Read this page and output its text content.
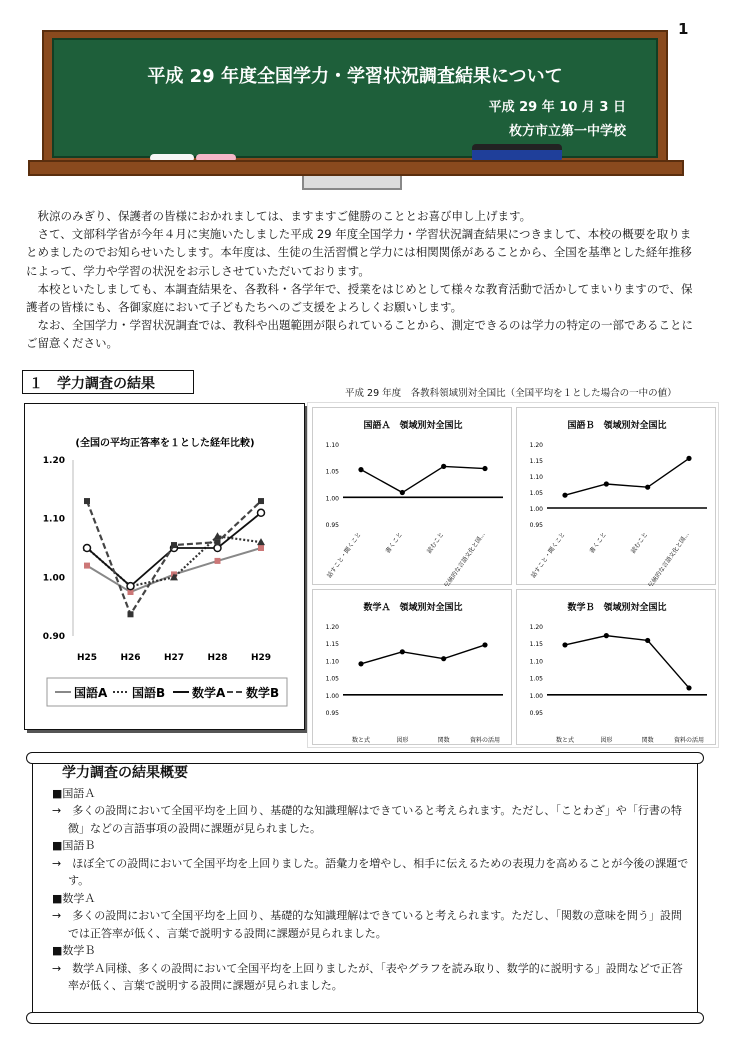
1
平成 29 年度全国学力・学習状況調査結果について
平成 29 年 10 月 3 日
枚方市立第一中学校

　秋涼のみぎり、保護者の皆様におかれましては、ますますご健勝のこととお喜び申し上げます。

　さて、文部科学省が今年４月に実施いたしました平成 29 年度全国学力・学習状況調査結果につきまして、本校の概要を取りまとめましたのでお知らせいたします。本年度は、生徒の生活習慣と学力には相関関係があることから、全国を基準とした経年推移によって、学力や学習の状況をお示しさせていただいております。

　本校といたしましても、本調査結果を、各教科・各学年で、授業をはじめとして様々な教育活動で活かしてまいりますので、保護者の皆様にも、各御家庭において子どもたちへのご支援をよろしくお願いします。

　なお、全国学力・学習状況調査では、教科や出題範囲が限られていることから、測定できるのは学力の特定の一部であることにご留意ください。

１　学力調査の結果
平成 29 年度　各教科領域別対全国比（全国平均を１とした場合の一中の値）
(全国の平均正答率を１とした経年比較)
1.20
1.10
1.00
0.90
H25	H26	H27	H28	H29
国語A 国語B 数学A 数学B
国語Ａ　領域別対全国比
1.10
1.05
1.00
0.95
話すこと・聞くこと	書くこと	読むこと
伝統的な言語文化と国...
国語Ｂ　領域別対全国比
1.20
1.15
1.10
1.05
1.00
0.95
話すこと・聞くこと	書くこと	読むこと
伝統的な言語文化と国...
数学Ａ　領域別対全国比
1.20
1.15
1.10
1.05
1.00
0.95
数と式	図形	関数	資料の活用
数学Ｂ　領域別対全国比
1.20
1.15
1.10
1.05
1.00
0.95
数と式	図形	関数	資料の活用
学力調査の結果概要
■国語Ａ
→　多くの設問において全国平均を上回り、基礎的な知識理解はできていると考えられます。ただし、「ことわざ」や「行書の特徴」などの言語事項の設問に課題が見られました。
■国語Ｂ
→　ほぼ全ての設問において全国平均を上回りました。語彙力を増やし、相手に伝えるための表現力を高めることが今後の課題です。
■数学Ａ
→　多くの設問において全国平均を上回り、基礎的な知識理解はできていると考えられます。ただし、「関数の意味を問う」設問では正答率が低く、言葉で説明する設問に課題が見られました。
■数学Ｂ
→　数学Ａ同様、多くの設問において全国平均を上回りましたが、「表やグラフを読み取り、数学的に説明する」設問などで正答率が低く、言葉で説明する設問に課題が見られました。
